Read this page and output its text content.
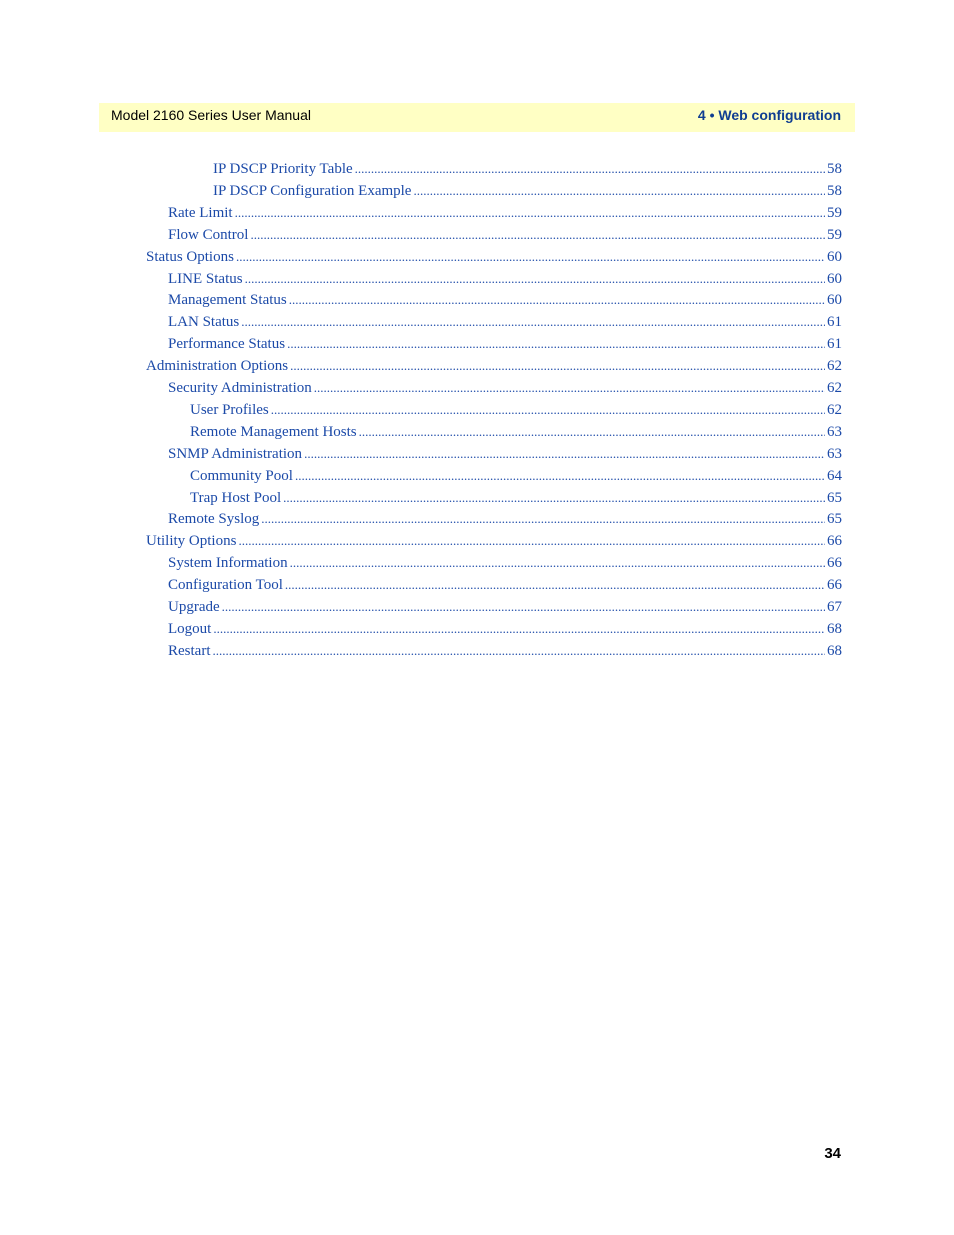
Model 2160 Series User Manual	4 • Web configuration
IP DSCP Priority Table .....	58
IP DSCP Configuration Example .....	58
Rate Limit .....	59
Flow Control .....	59
Status Options .....	60
LINE Status .....	60
Management Status .....	60
LAN Status .....	61
Performance Status .....	61
Administration Options .....	62
Security Administration .....	62
User Profiles .....	62
Remote Management Hosts .....	63
SNMP Administration .....	63
Community Pool .....	64
Trap Host Pool .....	65
Remote Syslog .....	65
Utility Options .....	66
System Information .....	66
Configuration Tool .....	66
Upgrade .....	67
Logout .....	68
Restart .....	68
34
